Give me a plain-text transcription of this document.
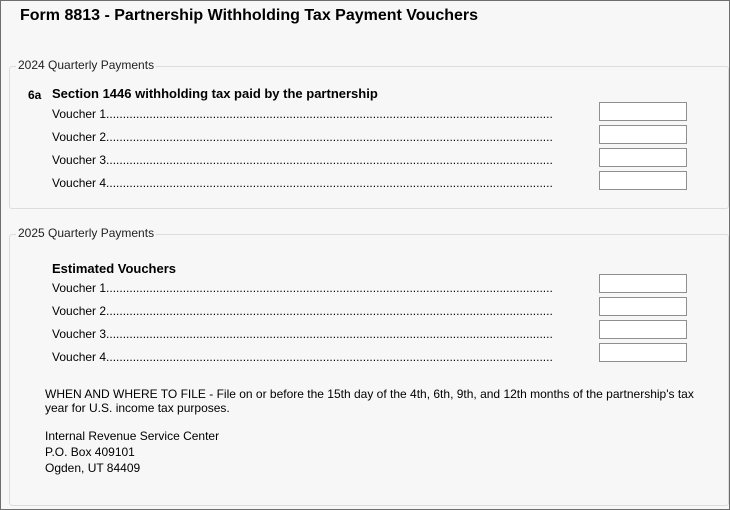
Form 8813 - Partnership Withholding Tax Payment Vouchers
2024 Quarterly Payments
6a Section 1446 withholding tax paid by the partnership
Voucher 1 .....
Voucher 2 .....
Voucher 3 .....
Voucher 4 .....
2025 Quarterly Payments
Estimated Vouchers
Voucher 1 .....
Voucher 2 .....
Voucher 3 .....
Voucher 4 .....
WHEN AND WHERE TO FILE - File on or before the 15th day of the 4th, 6th, 9th, and 12th months of the partnership's tax year for U.S. income tax purposes.
Internal Revenue Service Center
P.O. Box 409101
Ogden, UT 84409
